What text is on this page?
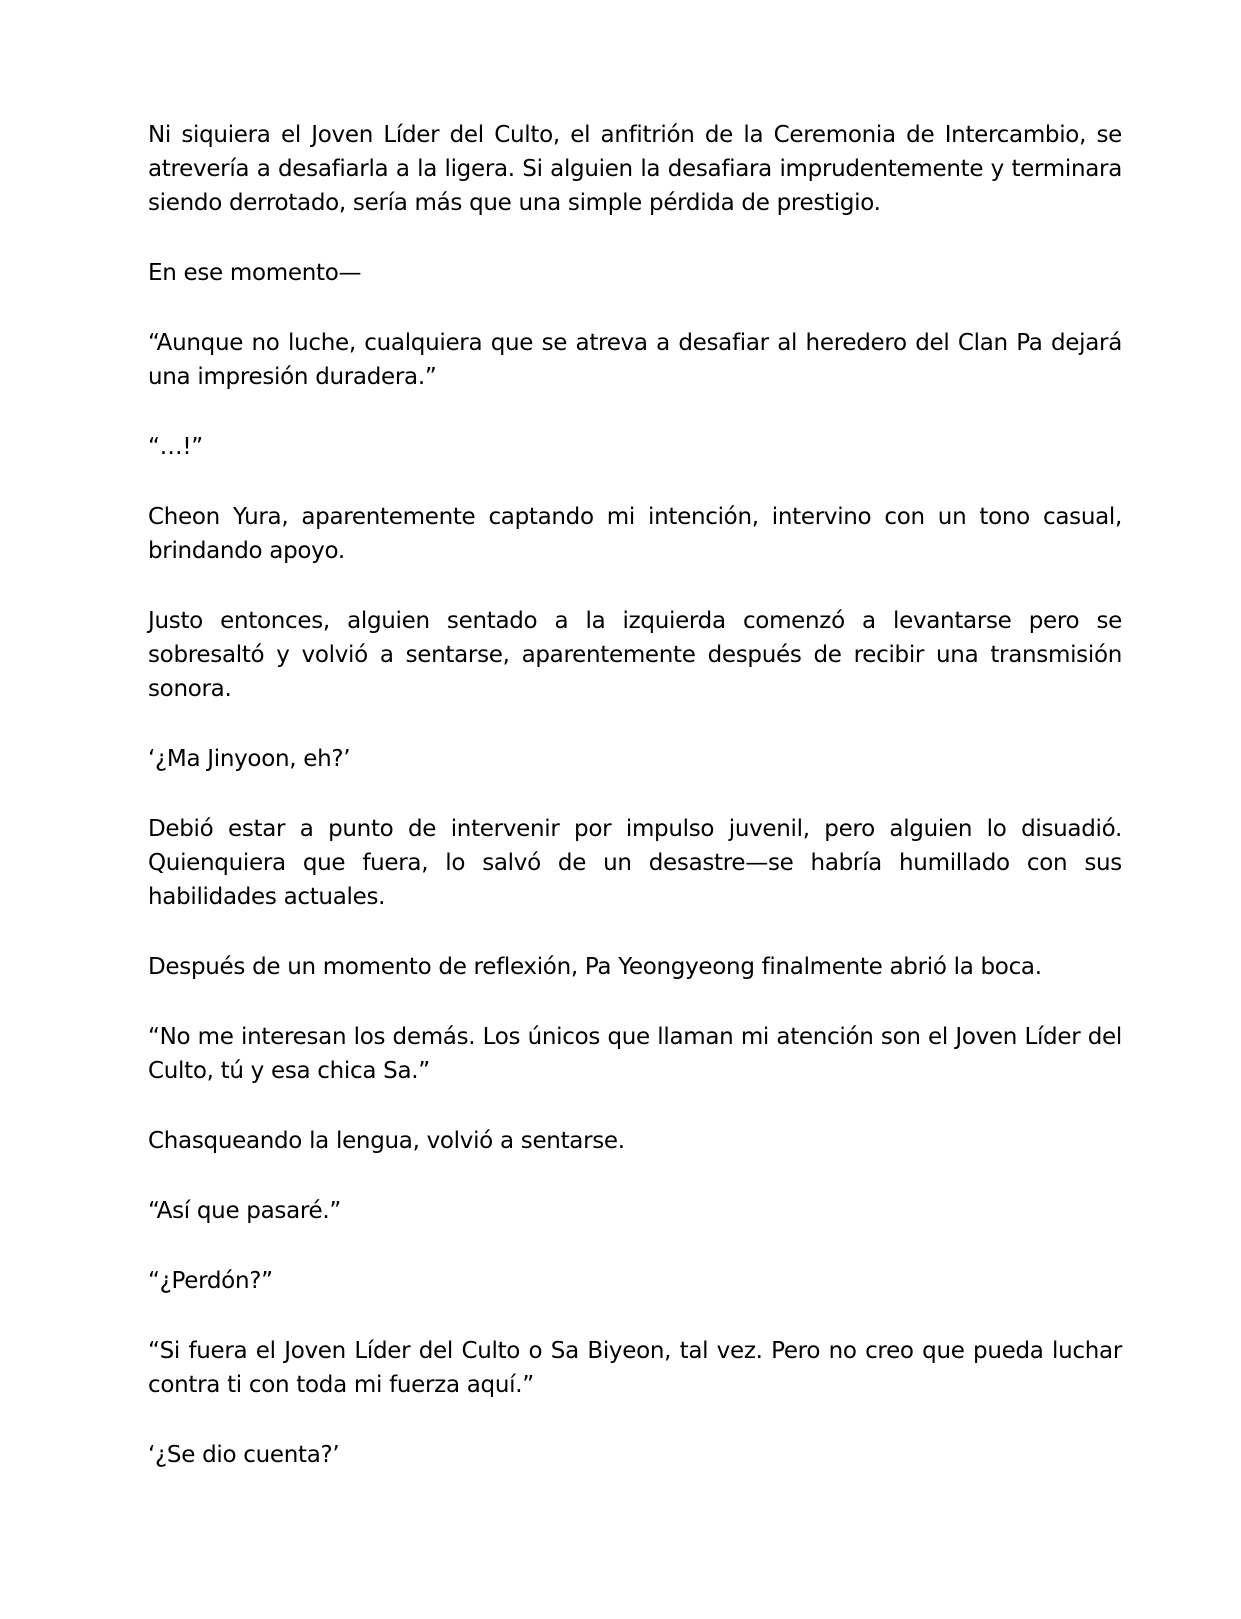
Ni siquiera el Joven Líder del Culto, el anfitrión de la Ceremonia de Intercambio, se atrevería a desafiarla a la ligera. Si alguien la desafiara imprudentemente y terminara siendo derrotado, sería más que una simple pérdida de prestigio.

En ese momento—

“Aunque no luche, cualquiera que se atreva a desafiar al heredero del Clan Pa dejará una impresión duradera.”

“…!”

Cheon Yura, aparentemente captando mi intención, intervino con un tono casual, brindando apoyo.

Justo entonces, alguien sentado a la izquierda comenzó a levantarse pero se sobresaltó y volvió a sentarse, aparentemente después de recibir una transmisión sonora.

‘¿Ma Jinyoon, eh?’

Debió estar a punto de intervenir por impulso juvenil, pero alguien lo disuadió. Quienquiera que fuera, lo salvó de un desastre—se habría humillado con sus habilidades actuales.

Después de un momento de reflexión, Pa Yeongyeong finalmente abrió la boca.

“No me interesan los demás. Los únicos que llaman mi atención son el Joven Líder del Culto, tú y esa chica Sa.”

Chasqueando la lengua, volvió a sentarse.

“Así que pasaré.”

“¿Perdón?”

“Si fuera el Joven Líder del Culto o Sa Biyeon, tal vez. Pero no creo que pueda luchar contra ti con toda mi fuerza aquí.”

‘¿Se dio cuenta?’
